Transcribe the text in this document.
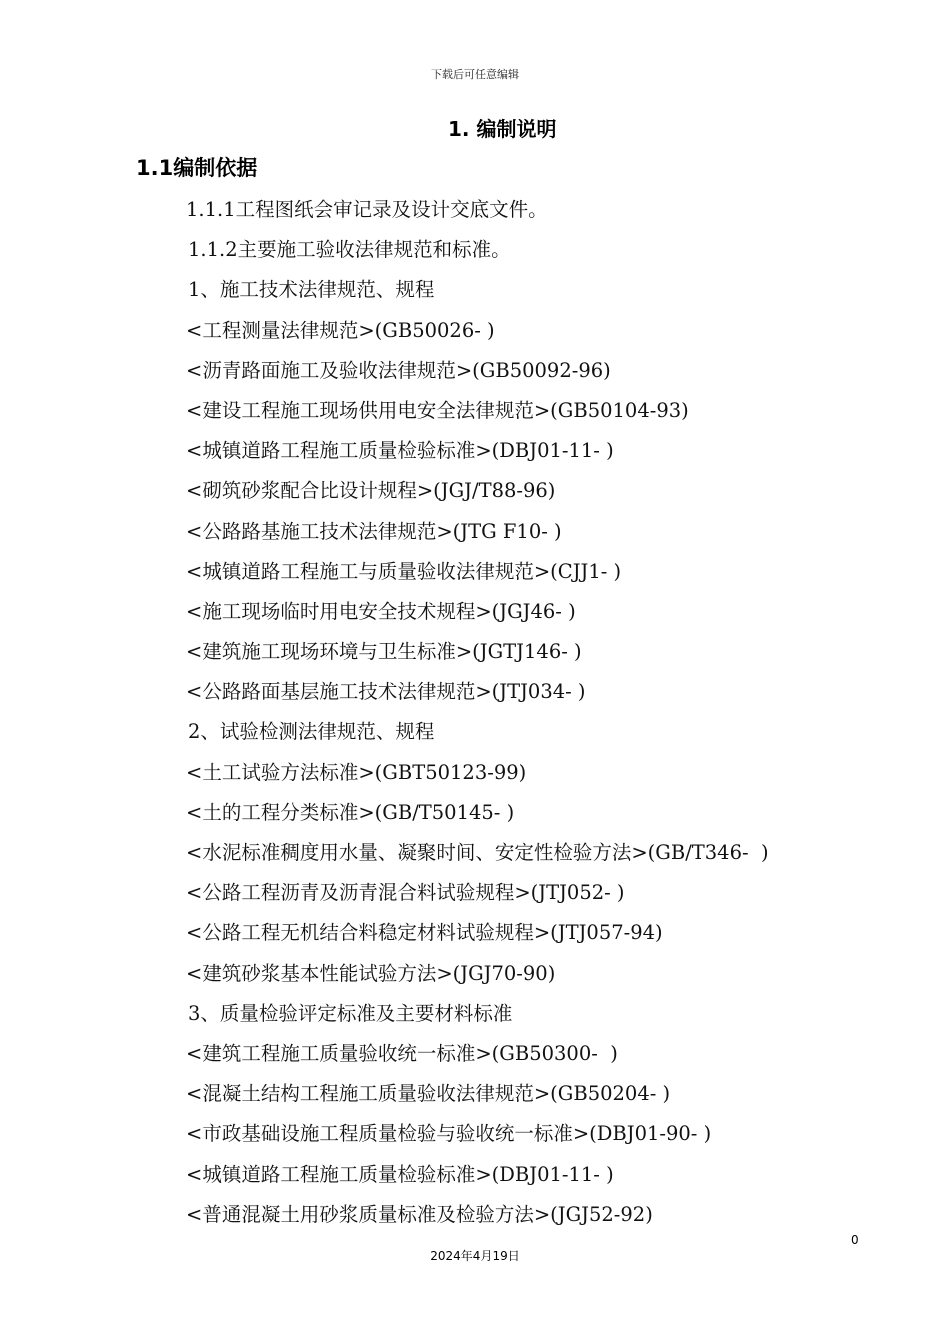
下载后可任意编辑
1. 编制说明
1.1编制依据
1.1.1工程图纸会审记录及设计交底文件。
1.1.2主要施工验收法律规范和标准。
1、施工技术法律规范、规程
<工程测量法律规范>(GB50026- )
<沥青路面施工及验收法律规范>(GB50092-96)
<建设工程施工现场供用电安全法律规范>(GB50104-93)
<城镇道路工程施工质量检验标准>(DBJ01-11- )
<砌筑砂浆配合比设计规程>(JGJ/T88-96)
<公路路基施工技术法律规范>(JTG F10- )
<城镇道路工程施工与质量验收法律规范>(CJJ1- )
<施工现场临时用电安全技术规程>(JGJ46- )
<建筑施工现场环境与卫生标准>(JGTJ146- )
<公路路面基层施工技术法律规范>(JTJ034- )
2、试验检测法律规范、规程
<土工试验方法标准>(GBT50123-99)
<土的工程分类标准>(GB/T50145- )
<水泥标准稠度用水量、凝聚时间、安定性检验方法>(GB/T346-  )
<公路工程沥青及沥青混合料试验规程>(JTJ052- )
<公路工程无机结合料稳定材料试验规程>(JTJ057-94)
<建筑砂浆基本性能试验方法>(JGJ70-90)
3、质量检验评定标准及主要材料标准
<建筑工程施工质量验收统一标准>(GB50300-  )
<混凝土结构工程施工质量验收法律规范>(GB50204- )
<市政基础设施工程质量检验与验收统一标准>(DBJ01-90- )
<城镇道路工程施工质量检验标准>(DBJ01-11- )
<普通混凝土用砂浆质量标准及检验方法>(JGJ52-92)
0
2024年4月19日
